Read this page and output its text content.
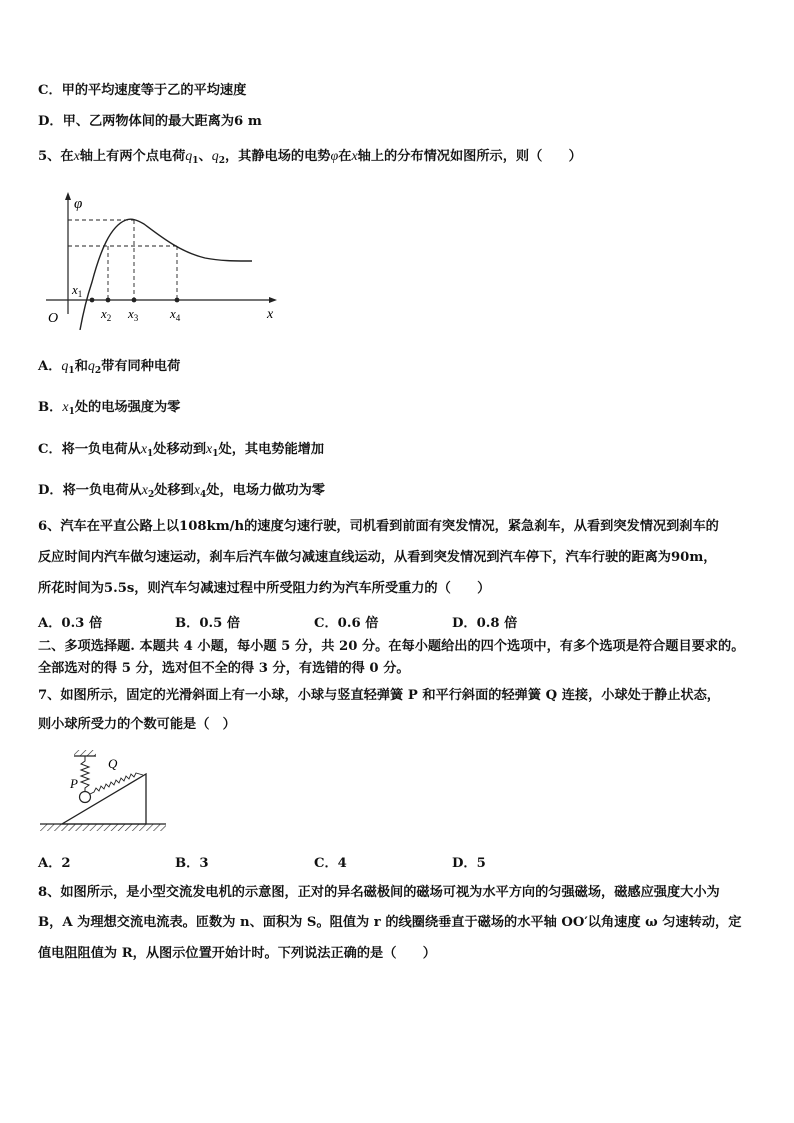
C．甲的平均速度等于乙的平均速度
D．甲、乙两物体间的最大距离为6 m
5、在x轴上有两个点电荷$q_1$、$q_2$，其静电场的电势φ在x轴上的分布情况如图所示，则（　　）
φ
O	x
$x_1$
$x_2$ $x_3$ $x_4$
A．$q_1$和$q_2$带有同种电荷
B．$x_1$处的电场强度为零
C．将一负电荷从$x_1$处移动到$x_1$处，其电势能增加
D．将一负电荷从$x_2$处移到$x_4$处，电场力做功为零
6、汽车在平直公路上以108km/h的速度匀速行驶，司机看到前面有突发情况，紧急刹车，从看到突发情况到刹车的
反应时间内汽车做匀速运动，刹车后汽车做匀减速直线运动，从看到突发情况到汽车停下，汽车行驶的距离为90m，
所花时间为5.5s，则汽车匀减速过程中所受阻力约为汽车所受重力的（　　）
A．0.3 倍	B．0.5 倍	C．0.6 倍	D．0.8 倍
二、多项选择题. 本题共 4 小题，每小题 5 分，共 20 分。在每小题给出的四个选项中，有多个选项是符合题目要求的。
全部选对的得 5 分，选对但不全的得 3 分，有选错的得 0 分。
7、如图所示，固定的光滑斜面上有一小球，小球与竖直轻弹簧 P 和平行斜面的轻弹簧 Q 连接，小球处于静止状态，
则小球所受力的个数可能是（　）
P
Q
A．2	B．3	C．4	D．5
8、如图所示，是小型交流发电机的示意图，正对的异名磁极间的磁场可视为水平方向的匀强磁场，磁感应强度大小为
B，A 为理想交流电流表。匝数为 n、面积为 S。阻值为 r 的线圈绕垂直于磁场的水平轴 OO′以角速度 ω 匀速转动，定
值电阻阻值为 R，从图示位置开始计时。下列说法正确的是（　　）
